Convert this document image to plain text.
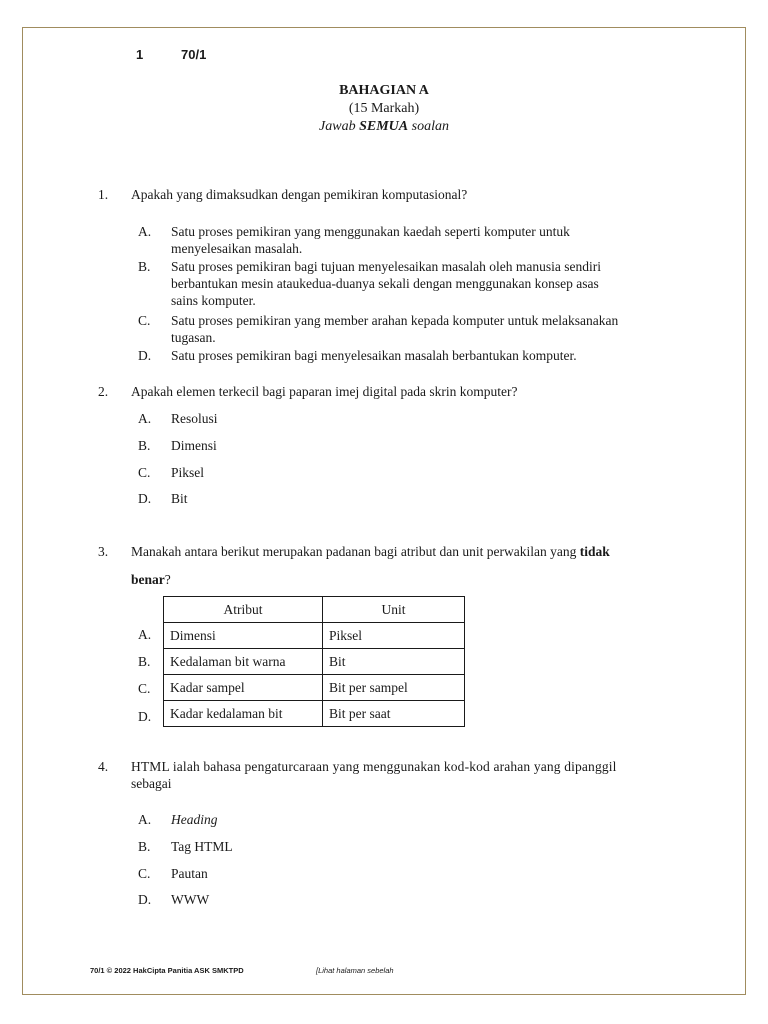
1	70/1
BAHAGIAN A
(15 Markah)
Jawab SEMUA soalan
1. Apakah yang dimaksudkan dengan pemikiran komputasional?
A. Satu proses pemikiran yang menggunakan kaedah seperti komputer untuk
menyelesaikan masalah.
B. Satu proses pemikiran bagi tujuan menyelesaikan masalah oleh manusia sendiri
berbantukan mesin ataukedua-duanya sekali dengan menggunakan konsep asas
sains komputer.
C. Satu proses pemikiran yang member arahan kepada komputer untuk melaksanakan
tugasan.
D. Satu proses pemikiran bagi menyelesaikan masalah berbantukan komputer.
2. Apakah elemen terkecil bagi paparan imej digital pada skrin komputer?
A. Resolusi
B. Dimensi
C. Piksel
D. Bit
3. Manakah antara berikut merupakan padanan bagi atribut dan unit perwakilan yang tidak
benar?
A.
B.
C.
D.
Atribut	Unit
Dimensi	Piksel
Kedalaman bit warna	Bit
Kadar sampel	Bit per sampel
Kadar kedalaman bit	Bit per saat
4. HTML ialah bahasa pengaturcaraan yang menggunakan kod-kod arahan yang dipanggil
sebagai
A. Heading
B. Tag HTML
C. Pautan
D. WWW
70/1 © 2022 HakCipta Panitia ASK SMKTPD	[Lihat halaman sebelah
